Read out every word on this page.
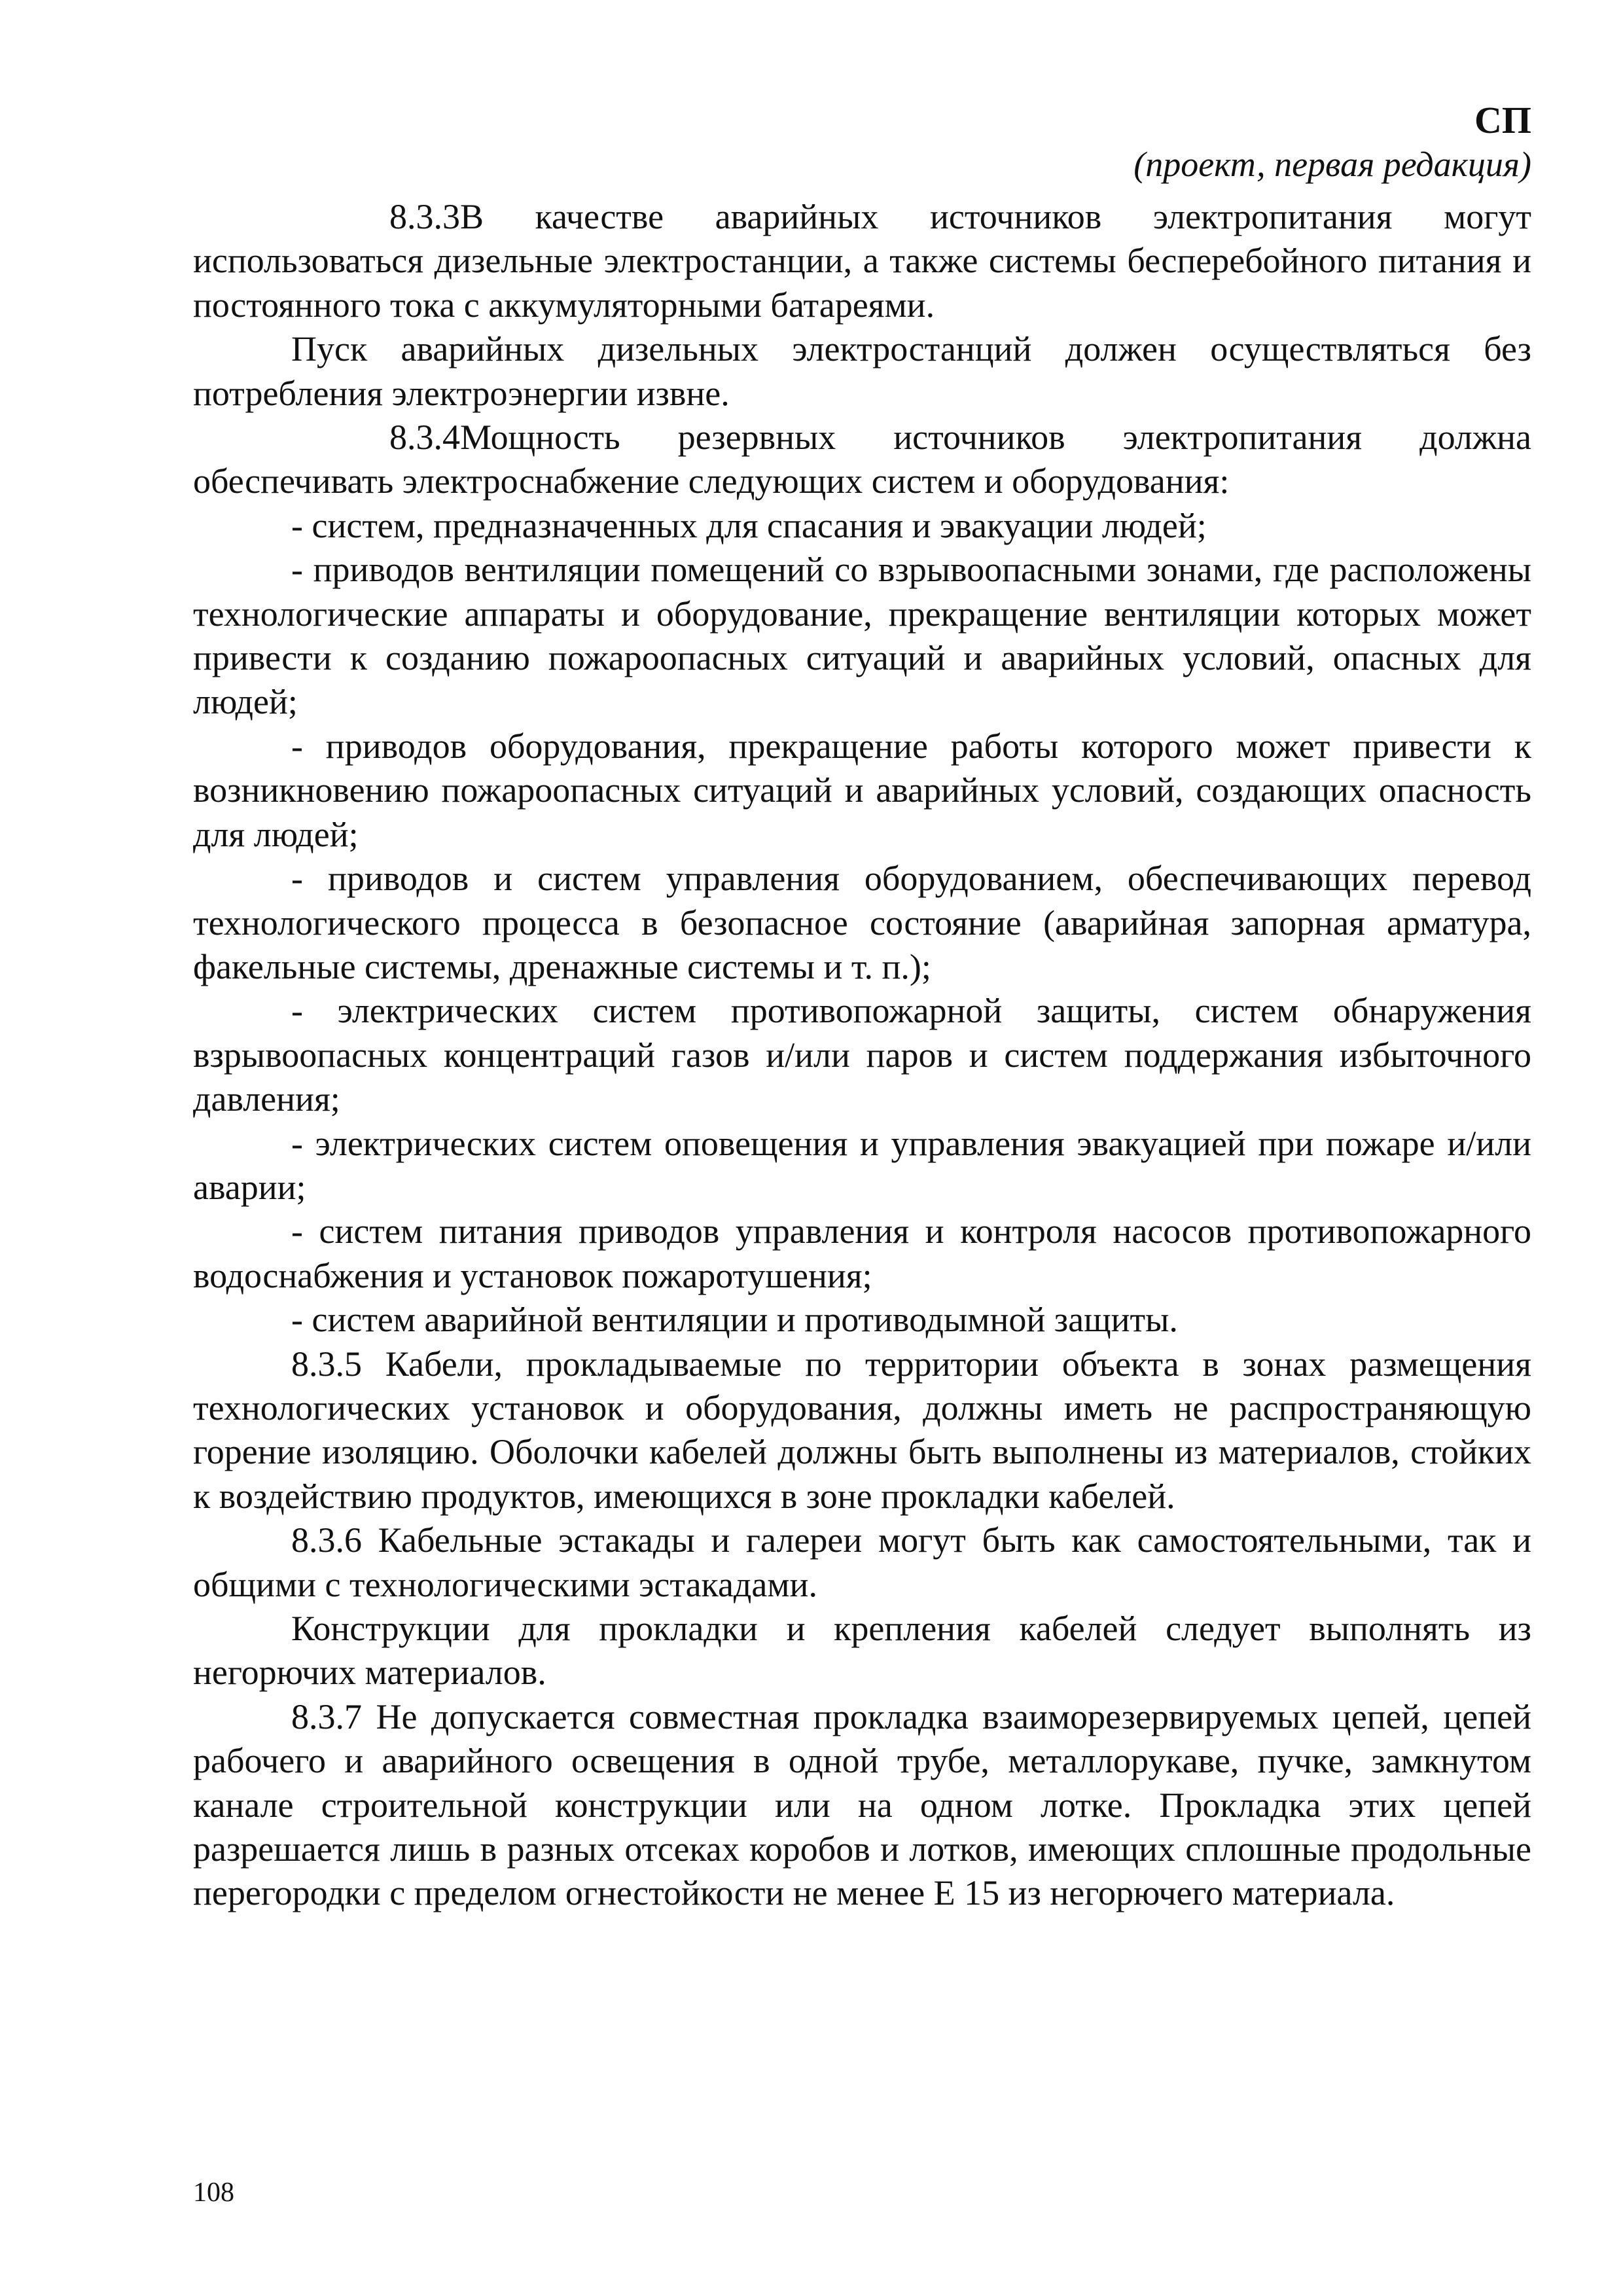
СП
(проект, первая редакция)

8.3.3В качестве аварийных источников электропитания могут использоваться дизельные электростанции, а также системы бесперебойного питания и постоянного тока с аккумуляторными батареями.

Пуск аварийных дизельных электростанций должен осуществляться без потребления электроэнергии извне.

8.3.4Мощность резервных источников электропитания должна обеспечивать электроснабжение следующих систем и оборудования:

- систем, предназначенных для спасания и эвакуации людей;

- приводов вентиляции помещений со взрывоопасными зонами, где расположены технологические аппараты и оборудование, прекращение вентиляции которых может привести к созданию пожароопасных ситуаций и аварийных условий, опасных для людей;

- приводов оборудования, прекращение работы которого может привести к возникновению пожароопасных ситуаций и аварийных условий, создающих опасность для людей;

- приводов и систем управления оборудованием, обеспечивающих перевод технологического процесса в безопасное состояние (аварийная запорная арматура, факельные системы, дренажные системы и т. п.);

- электрических систем противопожарной защиты, систем обнаружения взрывоопасных концентраций газов и/или паров и систем поддержания избыточного давления;

- электрических систем оповещения и управления эвакуацией при пожаре и/или аварии;

- систем питания приводов управления и контроля насосов противопожарного водоснабжения и установок пожаротушения;

- систем аварийной вентиляции и противодымной защиты.

8.3.5 Кабели, прокладываемые по территории объекта в зонах размещения технологических установок и оборудования, должны иметь не распространяющую горение изоляцию. Оболочки кабелей должны быть выполнены из материалов, стойких к воздействию продуктов, имеющихся в зоне прокладки кабелей.

8.3.6 Кабельные эстакады и галереи могут быть как самостоятельными, так и общими с технологическими эстакадами.

Конструкции для прокладки и крепления кабелей следует выполнять из негорючих материалов.

8.3.7 Не допускается совместная прокладка взаиморезервируемых цепей, цепей рабочего и аварийного освещения в одной трубе, металлорукаве, пучке, замкнутом канале строительной конструкции или на одном лотке. Прокладка этих цепей разрешается лишь в разных отсеках коробов и лотков, имеющих сплошные продольные перегородки с пределом огнестойкости не менее Е 15 из негорючего материала.

108
